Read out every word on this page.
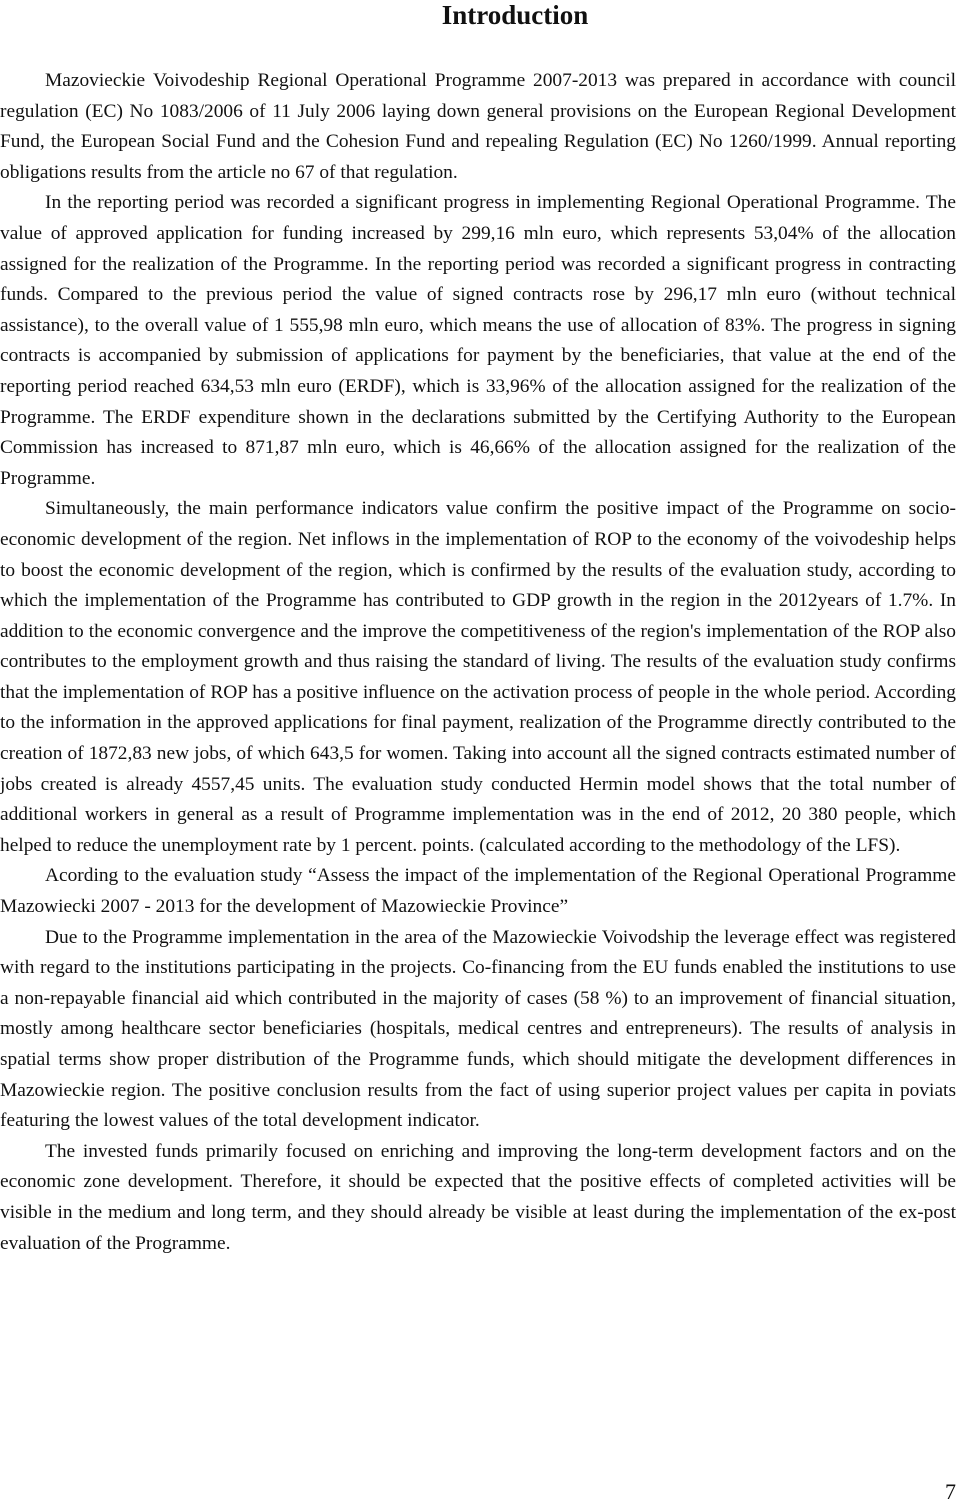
Introduction

Mazovieckiе Voivodeship Regional Operational Programme 2007-2013 was prepared in accordance with council regulation (EC) No 1083/2006 of 11 July 2006 laying down general provisions on the European Regional Development Fund, the European Social Fund and the Cohesion Fund and repealing Regulation (EC) No 1260/1999. Annual reporting obligations results from the article no 67 of that regulation.

In the reporting period was recorded a significant progress in implementing Regional Operational Programme. The value of approved application for funding increased by 299,16 mln euro, which represents 53,04% of the allocation assigned for the realization of the Programme. In the reporting period was recorded a significant progress in contracting funds. Compared to the previous period the value of signed contracts rose by 296,17 mln euro (without technical assistance), to the overall value of 1 555,98 mln euro, which means the use of allocation of 83%. The progress in signing contracts is accompanied by submission of applications for payment by the beneficiaries, that value at the end of the reporting period reached 634,53 mln euro (ERDF), which is 33,96% of the allocation assigned for the realization of the Programme. The ERDF expenditure shown in the declarations submitted by the Certifying Authority to the European Commission has increased to 871,87 mln euro, which is 46,66% of the allocation assigned for the realization of the Programme.

Simultaneously, the main performance indicators value confirm the positive impact of the Programme on socio-economic development of the region. Net inflows in the implementation of ROP to the economy of the voivodeship helps to boost the economic development of the region, which is confirmed by the results of the evaluation study, according to which the implementation of the Programme has contributed to GDP growth in the region in the 2012years of 1.7%. In addition to the economic convergence and the improve the competitiveness of the region's implementation of the ROP also contributes to the employment growth and thus raising the standard of living. The results of the evaluation study confirms that the implementation of ROP has a positive influence on the activation process of people in the whole period. According to the information in the approved applications for final payment, realization of the Programme directly contributed to the creation of 1872,83 new jobs, of which 643,5 for women. Taking into account all the signed contracts estimated number of jobs created is already 4557,45 units. The evaluation study conducted Hermin model shows that the total number of additional workers in general as a result of Programme implementation was in the end of 2012, 20 380 people, which helped to reduce the unemployment rate by 1 percent. points. (calculated according to the methodology of the LFS).

Acording to the evaluation study “Assess the impact of the implementation of the Regional Operational Programme Mazowiecki 2007 - 2013 for the development of Mazowieckie Province”

Due to the Programme implementation in the area of the Mazowieckie Voivodship the leverage effect was registered with regard to the institutions participating in the projects. Co-financing from the EU funds enabled the institutions to use a non-repayable financial aid which contributed in the majority of cases (58 %) to an improvement of financial situation, mostly among healthcare sector beneficiaries (hospitals, medical centres and entrepreneurs). The results of analysis in spatial terms show proper distribution of the Programme funds, which should mitigate the development differences in Mazowieckie region. The positive conclusion results from the fact of using superior project values per capita in poviats featuring the lowest values of the total development indicator.

The invested funds primarily focused on enriching and improving the long-term development factors and on the economic zone development. Therefore, it should be expected that the positive effects of completed activities will be visible in the medium and long term, and they should already be visible at least during the implementation of the ex-post evaluation of the Programme.

7
